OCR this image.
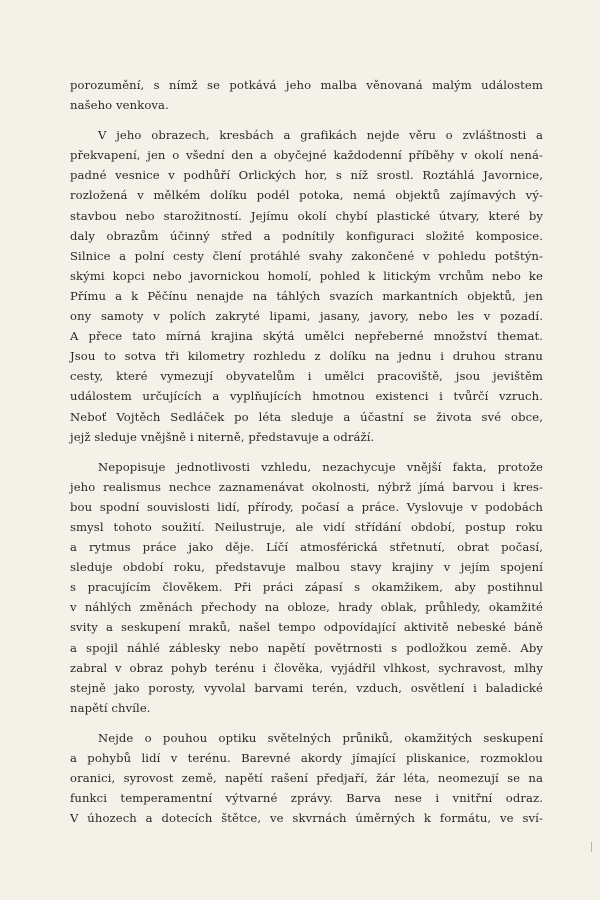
porozumění, s nímž se potkává jeho malba věnovaná malým událostem
našeho venkova.
V jeho obrazech, kresbách a grafikách nejde věru o zvláštnosti a
překvapení, jen o všední den a obyčejné každodenní příběhy v okolí nená-
padné vesnice v podhůří Orlických hor, s níž srostl. Roztáhlá Javornice,
rozložená v mělkém dolíku podél potoka, nemá objektů zajímavých vý-
stavbou nebo starožitností. Jejímu okolí chybí plastické útvary, které by
daly obrazům účinný střed a podnítily konfiguraci složité komposice.
Silnice a polní cesty člení protáhlé svahy zakončené v pohledu potštýn-
skými kopci nebo javornickou homolí, pohled k litickým vrchům nebo ke
Přímu a k Pěčínu nenajde na táhlých svazích markantních objektů, jen
ony samoty v polích zakryté lipami, jasany, javory, nebo les v pozadí.
A přece tato mírná krajina skýtá umělci nepřeberné množství themat.
Jsou to sotva tři kilometry rozhledu z dolíku na jednu i druhou stranu
cesty, které vymezují obyvatelům i umělci pracoviště, jsou jevištěm
událostem určujících a vyplňujících hmotnou existenci i tvůrčí vzruch.
Neboť Vojtěch Sedláček po léta sleduje a účastní se života své obce,
jejž sleduje vnějšně i niterně, představuje a odráží.
Nepopisuje jednotlivosti vzhledu, nezachycuje vnější fakta, protože
jeho realismus nechce zaznamenávat okolnosti, nýbrž jímá barvou i kres-
bou spodní souvislosti lidí, přírody, počasí a práce. Vyslovuje v podobách
smysl tohoto soužití. Neilustruje, ale vidí střídání období, postup roku
a rytmus práce jako děje. Líčí atmosférická střetnutí, obrat počasí,
sleduje období roku, představuje malbou stavy krajiny v jejím spojení
s pracujícím člověkem. Při práci zápasí s okamžikem, aby postihnul
v náhlých změnách přechody na obloze, hrady oblak, průhledy, okamžité
svity a seskupení mraků, našel tempo odpovídající aktivitě nebeské báně
a spojil náhlé záblesky nebo napětí povětrnosti s podložkou země. Aby
zabral v obraz pohyb terénu i člověka, vyjádřil vlhkost, sychravost, mlhy
stejně jako porosty, vyvolal barvami terén, vzduch, osvětlení i baladické
napětí chvíle.
Nejde o pouhou optiku světelných průniků, okamžitých seskupení
a pohybů lidí v terénu. Barevné akordy jímající pliskanice, rozmoklou
oranici, syrovost země, napětí rašení předjaří, žár léta, neomezují se na
funkci temperamentní výtvarné zprávy. Barva nese i vnitřní odraz.
V úhozech a dotecích štětce, ve skvrnách úměrných k formátu, ve sví-
